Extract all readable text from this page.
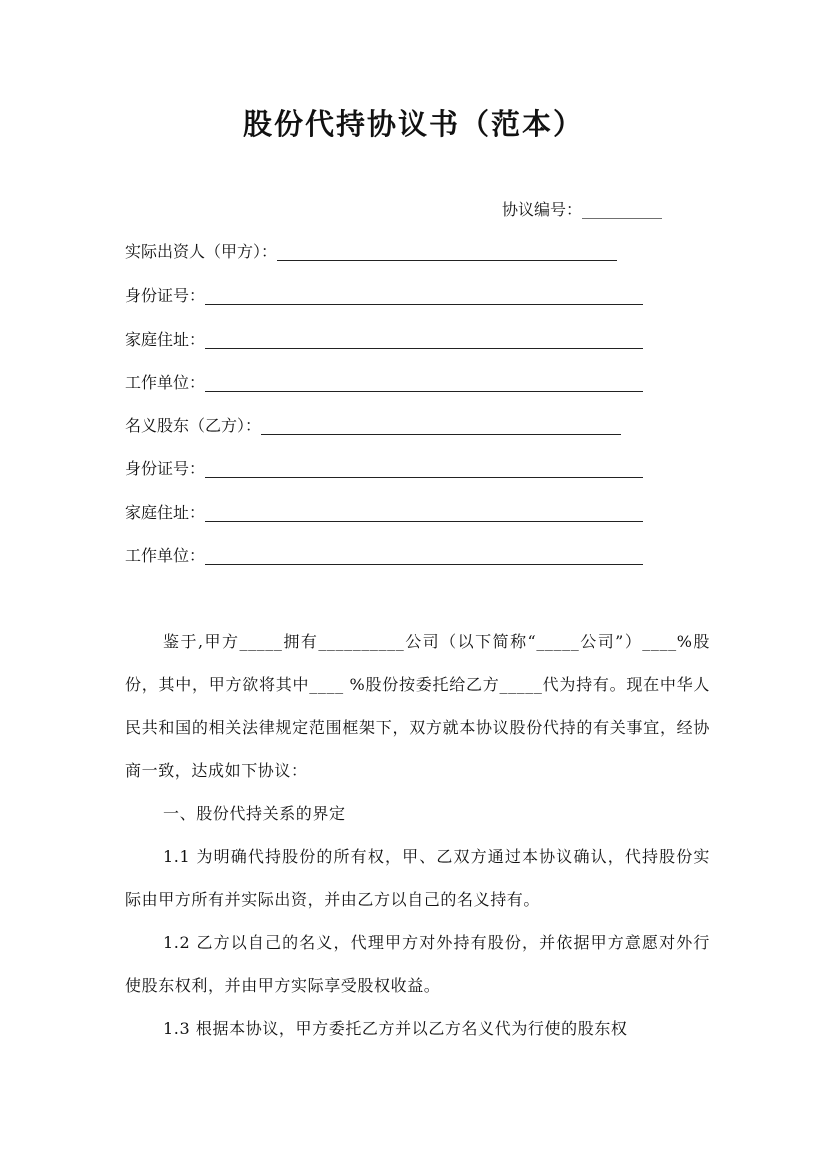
股份代持协议书（范本）
协议编号：__________
实际出资人（甲方）：
身份证号：
家庭住址：
工作单位：
名义股东（乙方）：
身份证号：
家庭住址：
工作单位：

鉴于,甲方_____拥有__________公司（以下简称“_____公司”）____%股份，其中，甲方欲将其中____ %股份按委托给乙方_____代为持有。现在中华人民共和国的相关法律规定范围框架下，双方就本协议股份代持的有关事宜，经协商一致，达成如下协议：

一、股份代持关系的界定

1.1 为明确代持股份的所有权，甲、乙双方通过本协议确认，代持股份实际由甲方所有并实际出资，并由乙方以自己的名义持有。

1.2 乙方以自己的名义，代理甲方对外持有股份，并依据甲方意愿对外行使股东权利，并由甲方实际享受股权收益。

1.3 根据本协议，甲方委托乙方并以乙方名义代为行使的股东权
